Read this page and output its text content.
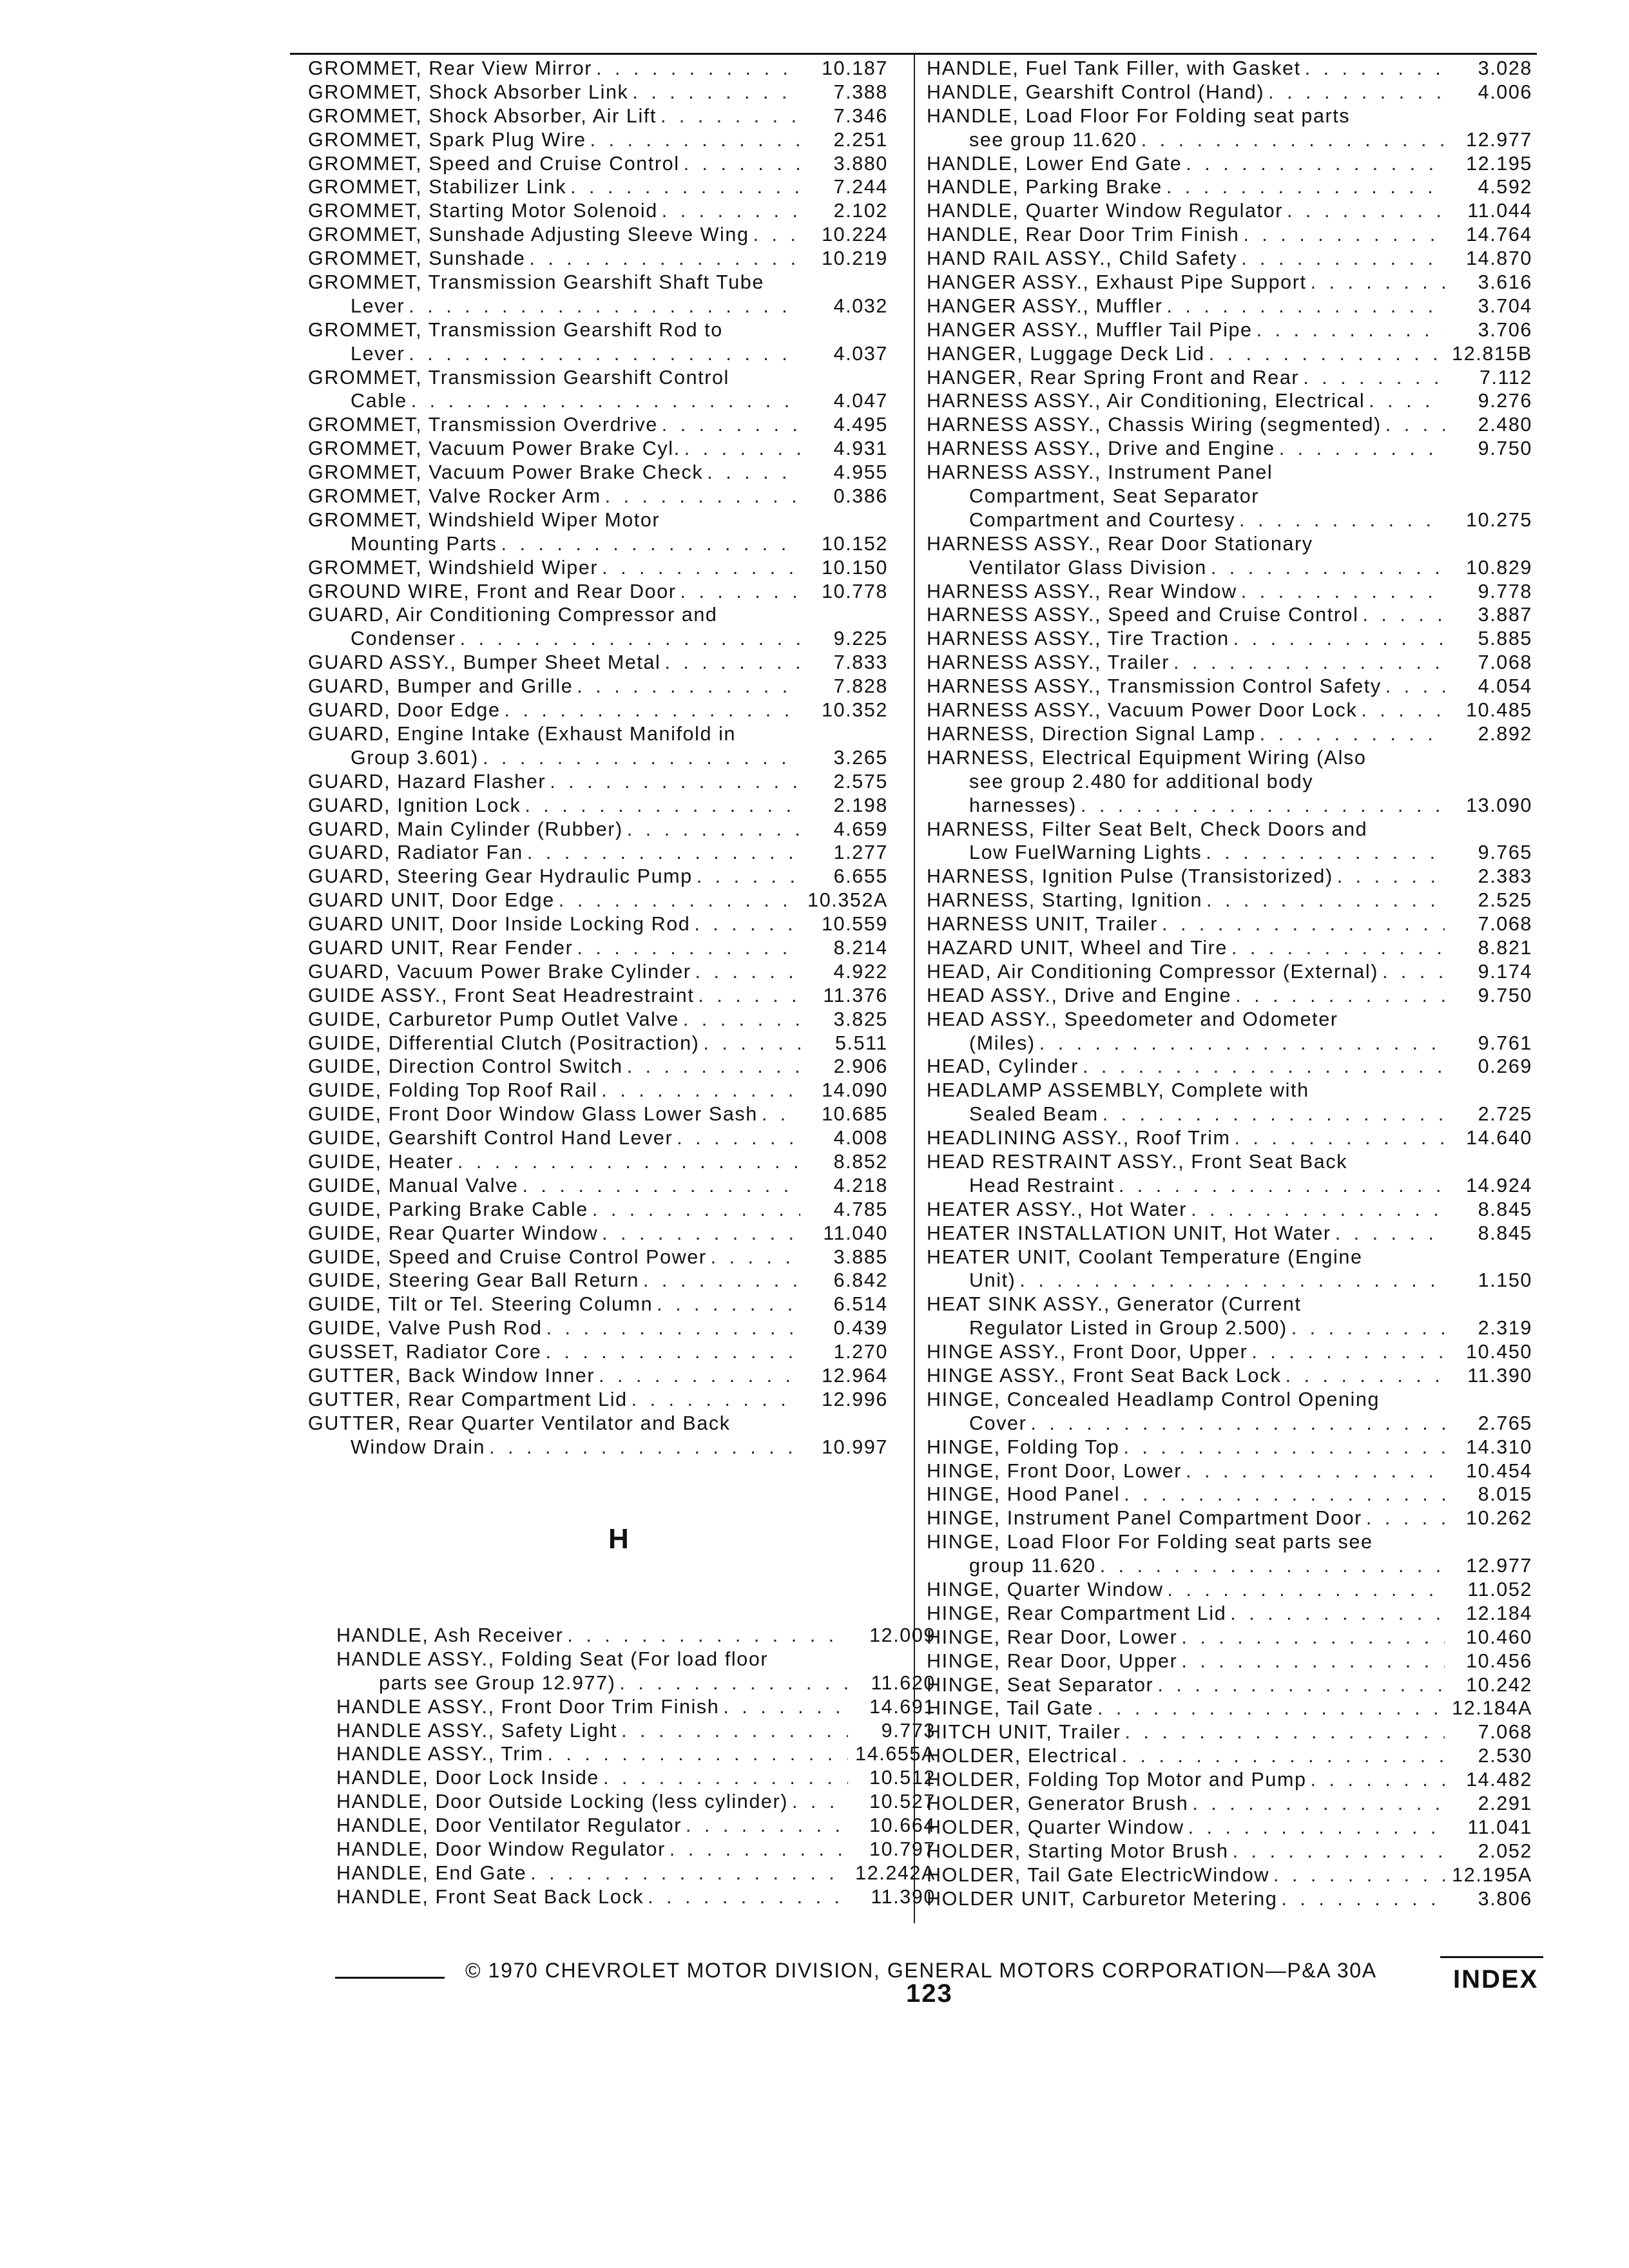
GROMMET, Rear View Mirror . . .	10.187
GROMMET, Shock Absorber Link . . .	7.388
GROMMET, Shock Absorber, Air Lift . . .	7.346
GROMMET, Spark Plug Wire . . .	2.251
GROMMET, Speed and Cruise Control . . .	3.880
GROMMET, Stabilizer Link . . .	7.244
GROMMET, Starting Motor Solenoid . . .	2.102
GROMMET, Sunshade Adjusting Sleeve Wing . . .	10.224
GROMMET, Sunshade . . .	10.219
GROMMET, Transmission Gearshift Shaft Tube
Lever . . .	4.032
GROMMET, Transmission Gearshift Rod to
Lever . . .	4.037
GROMMET, Transmission Gearshift Control
Cable . . .	4.047
GROMMET, Transmission Overdrive . . .	4.495
GROMMET, Vacuum Power Brake Cyl. . . .	4.931
GROMMET, Vacuum Power Brake Check . . .	4.955
GROMMET, Valve Rocker Arm . . .	0.386
GROMMET, Windshield Wiper Motor
Mounting Parts . . .	10.152
GROMMET, Windshield Wiper . . .	10.150
GROUND WIRE, Front and Rear Door . . .	10.778
GUARD, Air Conditioning Compressor and
Condenser . . .	9.225
GUARD ASSY., Bumper Sheet Metal . . .	7.833
GUARD, Bumper and Grille . . .	7.828
GUARD, Door Edge . . .	10.352
GUARD, Engine Intake (Exhaust Manifold in
Group 3.601) . . .	3.265
GUARD, Hazard Flasher . . .	2.575
GUARD, Ignition Lock . . .	2.198
GUARD, Main Cylinder (Rubber) . . .	4.659
GUARD, Radiator Fan . . .	1.277
GUARD, Steering Gear Hydraulic Pump . . .	6.655
GUARD UNIT, Door Edge . . .	10.352A
GUARD UNIT, Door Inside Locking Rod . . .	10.559
GUARD UNIT, Rear Fender . . .	8.214
GUARD, Vacuum Power Brake Cylinder . . .	4.922
GUIDE ASSY., Front Seat Headrestraint . . .	11.376
GUIDE, Carburetor Pump Outlet Valve . . .	3.825
GUIDE, Differential Clutch (Positraction) . . .	5.511
GUIDE, Direction Control Switch . . .	2.906
GUIDE, Folding Top Roof Rail . . .	14.090
GUIDE, Front Door Window Glass Lower Sash . . .	10.685
GUIDE, Gearshift Control Hand Lever . . .	4.008
GUIDE, Heater . . .	8.852
GUIDE, Manual Valve . . .	4.218
GUIDE, Parking Brake Cable . . .	4.785
GUIDE, Rear Quarter Window . . .	11.040
GUIDE, Speed and Cruise Control Power . . .	3.885
GUIDE, Steering Gear Ball Return . . .	6.842
GUIDE, Tilt or Tel. Steering Column . . .	6.514
GUIDE, Valve Push Rod . . .	0.439
GUSSET, Radiator Core . . .	1.270
GUTTER, Back Window Inner . . .	12.964
GUTTER, Rear Compartment Lid . . .	12.996
GUTTER, Rear Quarter Ventilator and Back
Window Drain . . .	10.997
H
HANDLE, Ash Receiver . . .	12.009
HANDLE ASSY., Folding Seat (For load floor
parts see Group 12.977) . . .	11.620
HANDLE ASSY., Front Door Trim Finish . . .	14.691
HANDLE ASSY., Safety Light . . .	9.773
HANDLE ASSY., Trim . . .	14.655A
HANDLE, Door Lock Inside . . .	10.512
HANDLE, Door Outside Locking (less cylinder) . . .	10.527
HANDLE, Door Ventilator Regulator . . .	10.664
HANDLE, Door Window Regulator . . .	10.797
HANDLE, End Gate . . .	12.242A
HANDLE, Front Seat Back Lock . . .	11.390
HANDLE, Fuel Tank Filler, with Gasket . . .	3.028
HANDLE, Gearshift Control (Hand) . . .	4.006
HANDLE, Load Floor For Folding seat parts
see group 11.620 . . .	12.977
HANDLE, Lower End Gate . . .	12.195
HANDLE, Parking Brake . . .	4.592
HANDLE, Quarter Window Regulator . . .	11.044
HANDLE, Rear Door Trim Finish . . .	14.764
HAND RAIL ASSY., Child Safety . . .	14.870
HANGER ASSY., Exhaust Pipe Support . . .	3.616
HANGER ASSY., Muffler . . .	3.704
HANGER ASSY., Muffler Tail Pipe . . .	3.706
HANGER, Luggage Deck Lid . . .	12.815B
HANGER, Rear Spring Front and Rear . . .	7.112
HARNESS ASSY., Air Conditioning, Electrical . . .	9.276
HARNESS ASSY., Chassis Wiring (segmented) . . .	2.480
HARNESS ASSY., Drive and Engine . . .	9.750
HARNESS ASSY., Instrument Panel
Compartment, Seat Separator
Compartment and Courtesy . . .	10.275
HARNESS ASSY., Rear Door Stationary
Ventilator Glass Division . . .	10.829
HARNESS ASSY., Rear Window . . .	9.778
HARNESS ASSY., Speed and Cruise Control . . .	3.887
HARNESS ASSY., Tire Traction . . .	5.885
HARNESS ASSY., Trailer . . .	7.068
HARNESS ASSY., Transmission Control Safety . . .	4.054
HARNESS ASSY., Vacuum Power Door Lock . . .	10.485
HARNESS, Direction Signal Lamp . . .	2.892
HARNESS, Electrical Equipment Wiring (Also
see group 2.480 for additional body
harnesses) . . .	13.090
HARNESS, Filter Seat Belt, Check Doors and
Low FuelWarning Lights . . .	9.765
HARNESS, Ignition Pulse (Transistorized) . . .	2.383
HARNESS, Starting, Ignition . . .	2.525
HARNESS UNIT, Trailer . . .	7.068
HAZARD UNIT, Wheel and Tire . . .	8.821
HEAD, Air Conditioning Compressor (External) . . .	9.174
HEAD ASSY., Drive and Engine . . .	9.750
HEAD ASSY., Speedometer and Odometer
(Miles) . . .	9.761
HEAD, Cylinder . . .	0.269
HEADLAMP ASSEMBLY, Complete with
Sealed Beam . . .	2.725
HEADLINING ASSY., Roof Trim . . .	14.640
HEAD RESTRAINT ASSY., Front Seat Back
Head Restraint . . .	14.924
HEATER ASSY., Hot Water . . .	8.845
HEATER INSTALLATION UNIT, Hot Water . . .	8.845
HEATER UNIT, Coolant Temperature (Engine
Unit) . . .	1.150
HEAT SINK ASSY., Generator (Current
Regulator Listed in Group 2.500) . . .	2.319
HINGE ASSY., Front Door, Upper . . .	10.450
HINGE ASSY., Front Seat Back Lock . . .	11.390
HINGE, Concealed Headlamp Control Opening
Cover . . .	2.765
HINGE, Folding Top . . .	14.310
HINGE, Front Door, Lower . . .	10.454
HINGE, Hood Panel . . .	8.015
HINGE, Instrument Panel Compartment Door . . .	10.262
HINGE, Load Floor For Folding seat parts see
group 11.620 . . .	12.977
HINGE, Quarter Window . . .	11.052
HINGE, Rear Compartment Lid . . .	12.184
HINGE, Rear Door, Lower . . .	10.460
HINGE, Rear Door, Upper . . .	10.456
HINGE, Seat Separator . . .	10.242
HINGE, Tail Gate . . .	12.184A
HITCH UNIT, Trailer . . .	7.068
HOLDER, Electrical . . .	2.530
HOLDER, Folding Top Motor and Pump . . .	14.482
HOLDER, Generator Brush . . .	2.291
HOLDER, Quarter Window . . .	11.041
HOLDER, Starting Motor Brush . . .	2.052
HOLDER, Tail Gate ElectricWindow . . .	12.195A
HOLDER UNIT, Carburetor Metering . . .	3.806
© 1970 CHEVROLET MOTOR DIVISION, GENERAL MOTORS CORPORATION—P&A 30A
123	INDEX
